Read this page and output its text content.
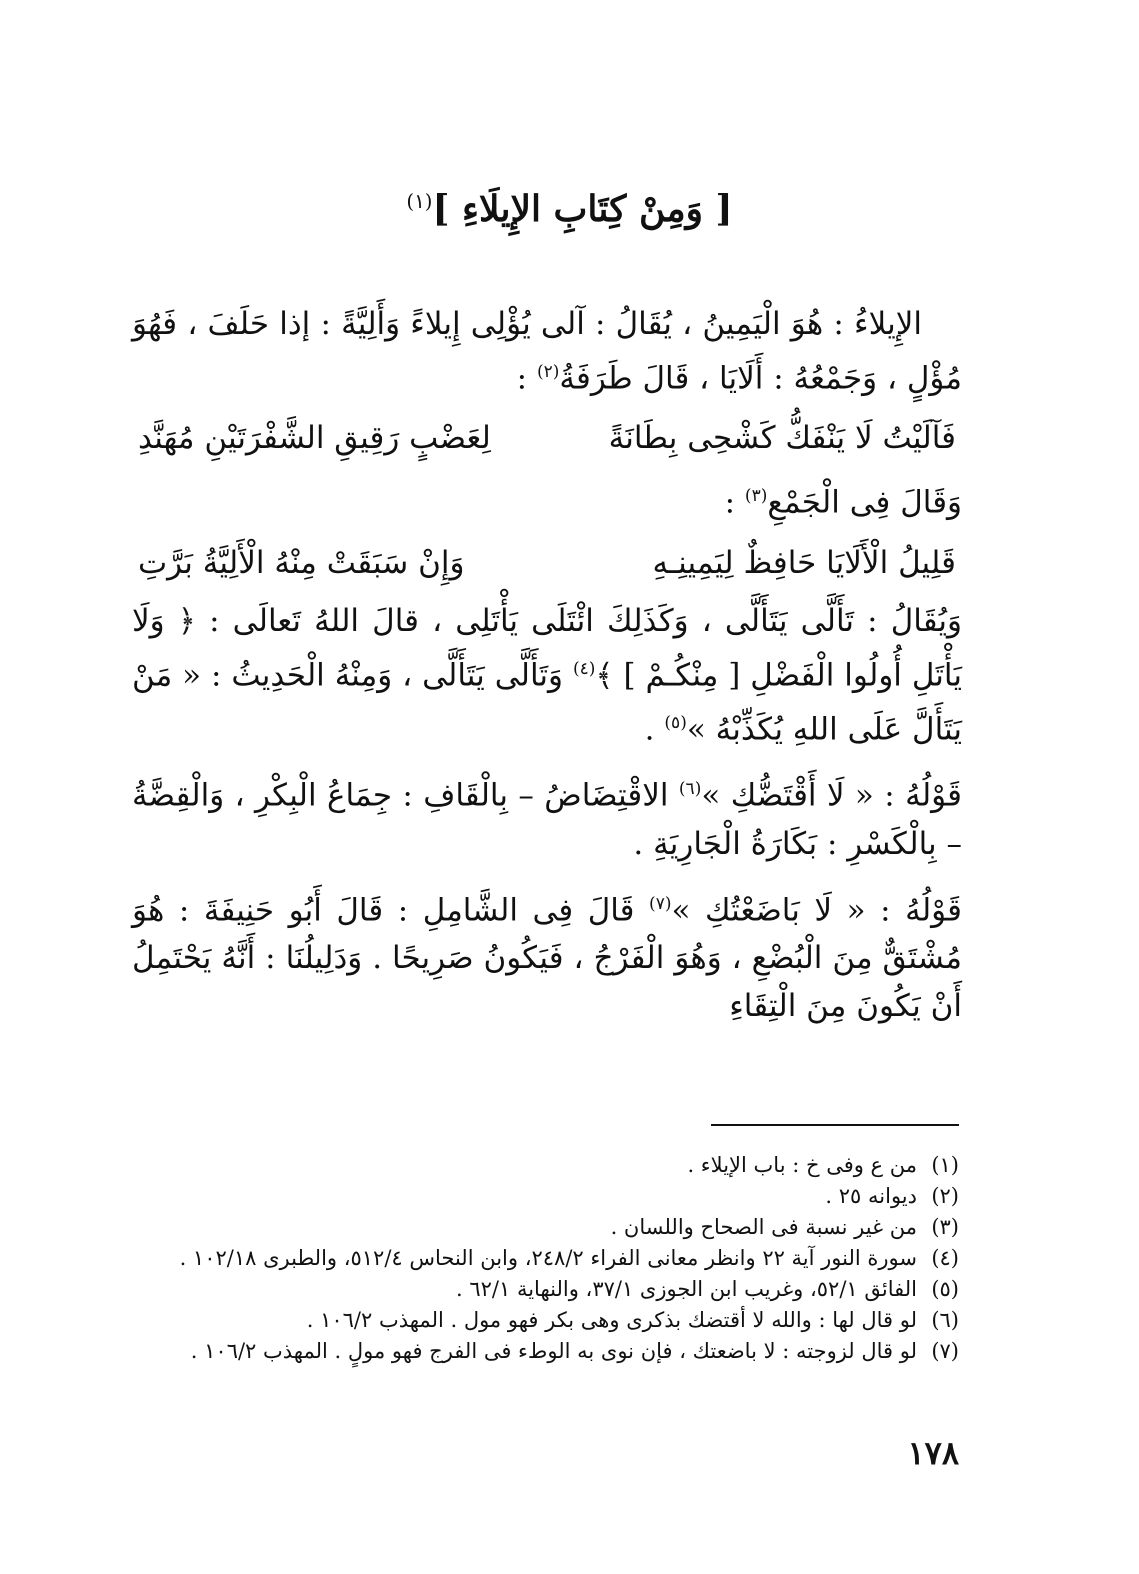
[ وَمِنْ كِتَابِ الإِيلَاءِ ]$^{(١)}$

الإِيلاءُ : هُوَ الْيَمِينُ ، يُقَالُ : آلى يُؤْلِى إِيلاءً وَأَلِيَّةً : إذا حَلَفَ ، فَهُوَ مُؤْلٍ ، وَجَمْعُهُ : أَلَايَا ، قَالَ طَرَفَةُ$^{(٢)}$ :

فَآلَيْتُ لَا يَنْفَكُّ كَشْحِى بِطَانَةً
لِعَضْبٍ رَقِيقِ الشَّفْرَتَيْنِ مُهَنَّدِ

وَقَالَ فِى الْجَمْعِ$^{(٣)}$ :

قَلِيلُ الْأَلَايَا حَافِظٌ لِيَمِينِـهِ
وَإِنْ سَبَقَتْ مِنْهُ الْأَلِيَّةُ بَرَّتِ

وَيُقَالُ : تَأَلَّى يَتَأَلَّى ، وَكَذَلِكَ ائْتَلَى يَأْتَلِى ، قالَ اللهُ تَعالَى : ﴿ وَلَا يَأْتَلِ أُولُوا الْفَضْلِ [ مِنْكُـمْ ] ﴾$^{(٤)}$ وَتَأَلَّى يَتَأَلَّى ، وَمِنْهُ الْحَدِيثُ : « مَنْ يَتَأَلَّ عَلَى اللهِ يُكَذِّبْهُ »$^{(٥)}$ .

قَوْلُهُ : « لَا أَقْتَضُّكِ »$^{(٦)}$ الاقْتِضَاضُ – بِالْقَافِ : جِمَاعُ الْبِكْرِ ، وَالْقِضَّةُ – بِالْكَسْرِ : بَكَارَةُ الْجَارِيَةِ .

قَوْلُهُ : « لَا بَاضَعْتُكِ »$^{(٧)}$ قَالَ فِى الشَّامِلِ : قَالَ أَبُو حَنِيفَةَ : هُوَ مُشْتَقٌّ مِنَ الْبُضْعِ ، وَهُوَ الْفَرْجُ ، فَيَكُونُ صَرِيحًا . وَدَلِيلُنَا : أَنَّهُ يَحْتَمِلُ أَنْ يَكُونَ مِنَ الْتِقَاءِ

(١)
من ع وفى خ : باب الإيلاء .
(٢)
ديوانه ٢٥ .
(٣)
من غير نسبة فى الصحاح واللسان .
(٤)
سورة النور آية ٢٢ وانظر معانى الفراء ٢٤٨/٢، وابن النحاس ٥١٢/٤، والطبرى ١٠٢/١٨ .
(٥)
الفائق ٥٢/١، وغريب ابن الجوزى ٣٧/١، والنهاية ٦٢/١ .
(٦)
لو قال لها : والله لا أقتضك بذكرى وهى بكر فهو مول . المهذب ١٠٦/٢ .
(٧)
لو قال لزوجته : لا باضعتك ، فإن نوى به الوطء فى الفرج فهو مولٍ . المهذب ١٠٦/٢ .
١٧٨
